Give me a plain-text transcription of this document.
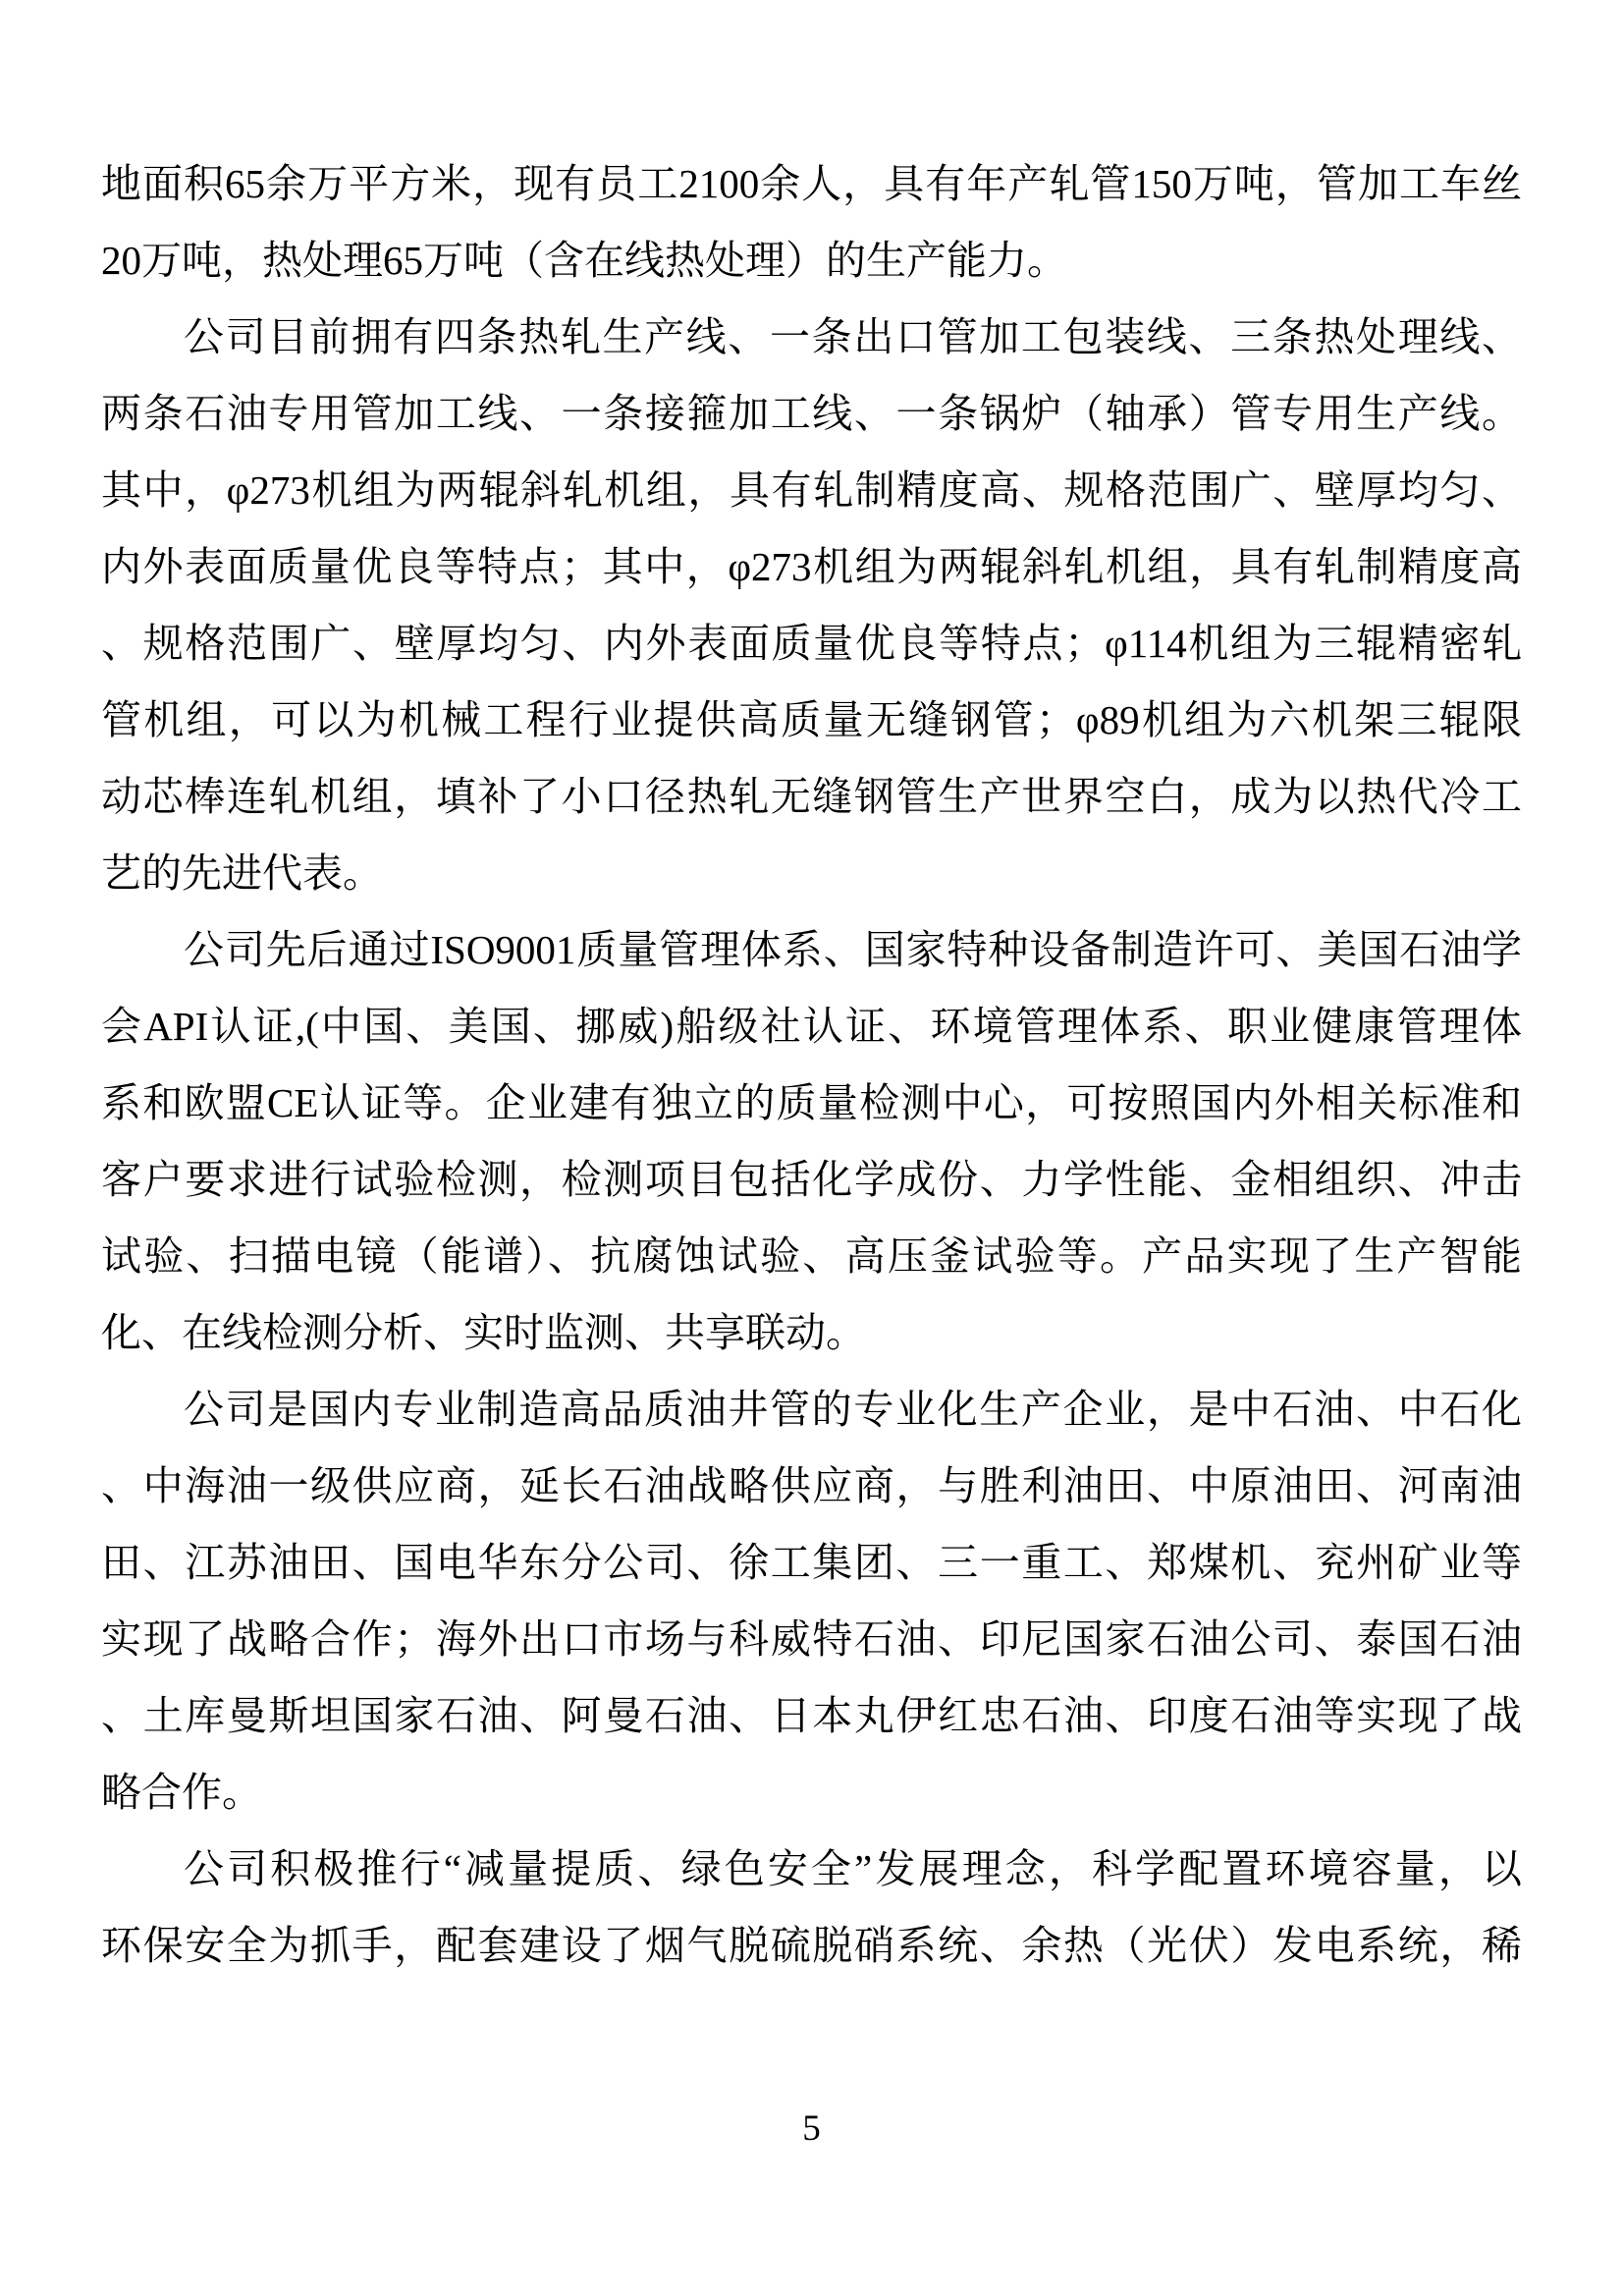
地面积65余万平方米，现有员工2100余人，具有年产轧管150万吨，管加工车丝
20万吨，热处理65万吨（含在线热处理）的生产能力。
公司目前拥有四条热轧生产线、一条出口管加工包装线、三条热处理线、
两条石油专用管加工线、一条接箍加工线、一条锅炉（轴承）管专用生产线。
其中，φ273机组为两辊斜轧机组，具有轧制精度高、规格范围广、壁厚均匀、
内外表面质量优良等特点；其中，φ273机组为两辊斜轧机组，具有轧制精度高
、规格范围广、壁厚均匀、内外表面质量优良等特点；φ114机组为三辊精密轧
管机组，可以为机械工程行业提供高质量无缝钢管；φ89机组为六机架三辊限
动芯棒连轧机组，填补了小口径热轧无缝钢管生产世界空白，成为以热代冷工
艺的先进代表。
公司先后通过ISO9001质量管理体系、国家特种设备制造许可、美国石油学
会API认证,(中国、美国、挪威)船级社认证、环境管理体系、职业健康管理体
系和欧盟CE认证等。企业建有独立的质量检测中心，可按照国内外相关标准和
客户要求进行试验检测，检测项目包括化学成份、力学性能、金相组织、冲击
试验、扫描电镜（能谱）、抗腐蚀试验、高压釜试验等。产品实现了生产智能
化、在线检测分析、实时监测、共享联动。
公司是国内专业制造高品质油井管的专业化生产企业，是中石油、中石化
、中海油一级供应商，延长石油战略供应商，与胜利油田、中原油田、河南油
田、江苏油田、国电华东分公司、徐工集团、三一重工、郑煤机、兖州矿业等
实现了战略合作；海外出口市场与科威特石油、印尼国家石油公司、泰国石油
、土库曼斯坦国家石油、阿曼石油、日本丸伊红忠石油、印度石油等实现了战
略合作。
公司积极推行“减量提质、绿色安全”发展理念，科学配置环境容量，以
环保安全为抓手，配套建设了烟气脱硫脱硝系统、余热（光伏）发电系统，稀
5
